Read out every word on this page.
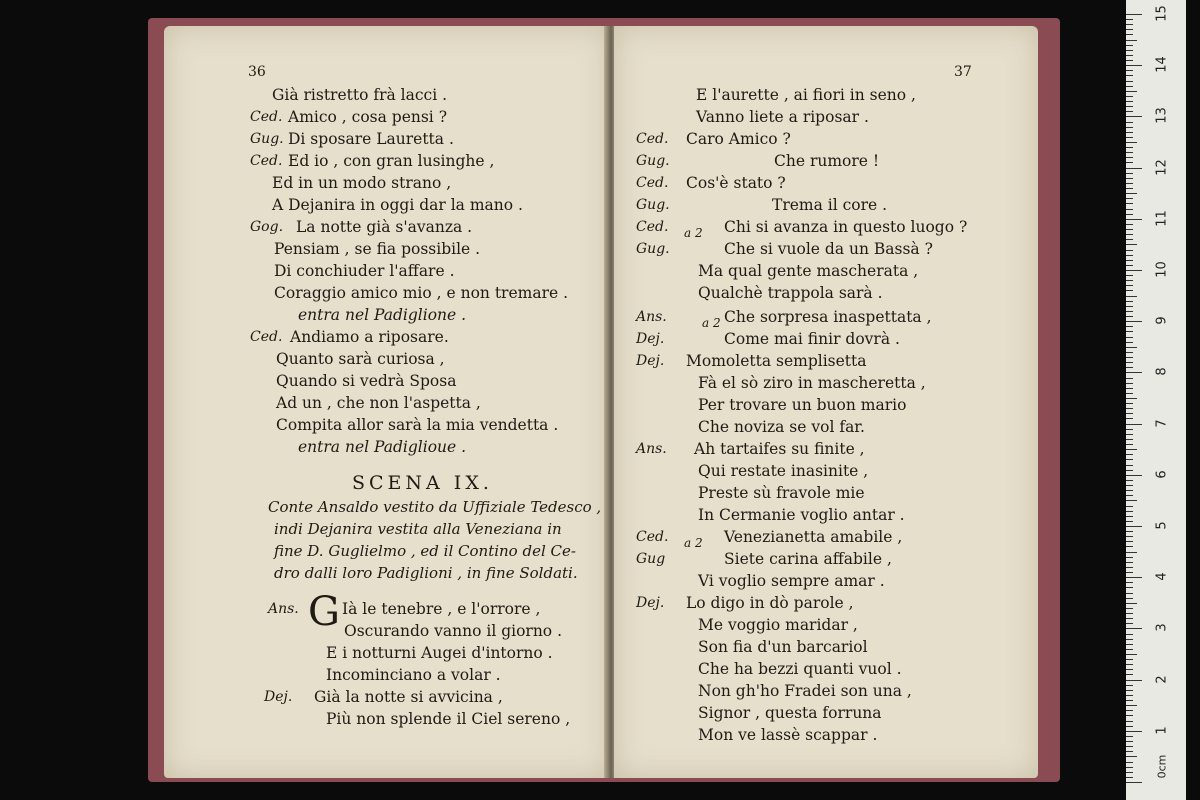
36
Già ristretto frà lacci .
Ced. Amico , cosa pensi ?
Gug. Di sposare Lauretta .
Ced. Ed io , con gran lusinghe ,
Ed in un modo strano ,
A Dejanira in oggi dar la mano .
Gog. La notte già s'avanza .
Pensiam , se fia possibile .
Di conchiuder l'affare .
Coraggio amico mio , e non tremare .
entra nel Padiglione .
Ced. Andiamo a riposare.
Quanto sarà curiosa ,
Quando si vedrà Sposa
Ad un , che non l'aspetta ,
Compita allor sarà la mia vendetta .
entra nel Padiglioue .
SCENA IX.
Conte Ansaldo vestito da Uffiziale Tedesco ,
indi Dejanira vestita alla Veneziana in
fine D. Guglielmo , ed il Contino del Ce-
dro dalli loro Padiglioni , in fine Soldati.
Ans. G Ià le tenebre , e l'orrore ,
Oscurando vanno il giorno .
E i notturni Augei d'intorno .
Incominciano a volar .
Dej. Già la notte si avvicina ,
Più non splende il Ciel sereno ,
37
E l'aurette , ai fiori in seno ,
Vanno liete a riposar .
Ced. Caro Amico ?
Gug.	Che rumore !
Ced. Cos'è stato ?
Gug.	Trema il core .
Ced. a 2 Chi si avanza in questo luogo ?
Gug.	Che si vuole da un Bassà ?
Ma qual gente mascherata ,
Qualchè trappola sarà .
Ans.	a 2 Che sorpresa inaspettata ,
Dej.	Come mai finir dovrà .
Dej. Momoletta semplisetta
Fà el sò ziro in mascheretta ,
Per trovare un buon mario
Che noviza se vol far.
Ans. Ah tartaifes su finite ,
Qui restate inasinite ,
Preste sù fravole mie
In Cermanie voglio antar .
Ced. a 2 Venezianetta amabile ,
Gug	Siete carina affabile ,
Vi voglio sempre amar .
Dej. Lo digo in dò parole ,
Me voggio maridar ,
Son fia d'un barcariol
Che ha bezzi quanti vuol .
Non gh'ho Fradei son una ,
Signor , questa forruna
Mon ve lassè scappar .	1
2
3
4
5
6
7
8
9
10
11
12
13
14
15
0cm
